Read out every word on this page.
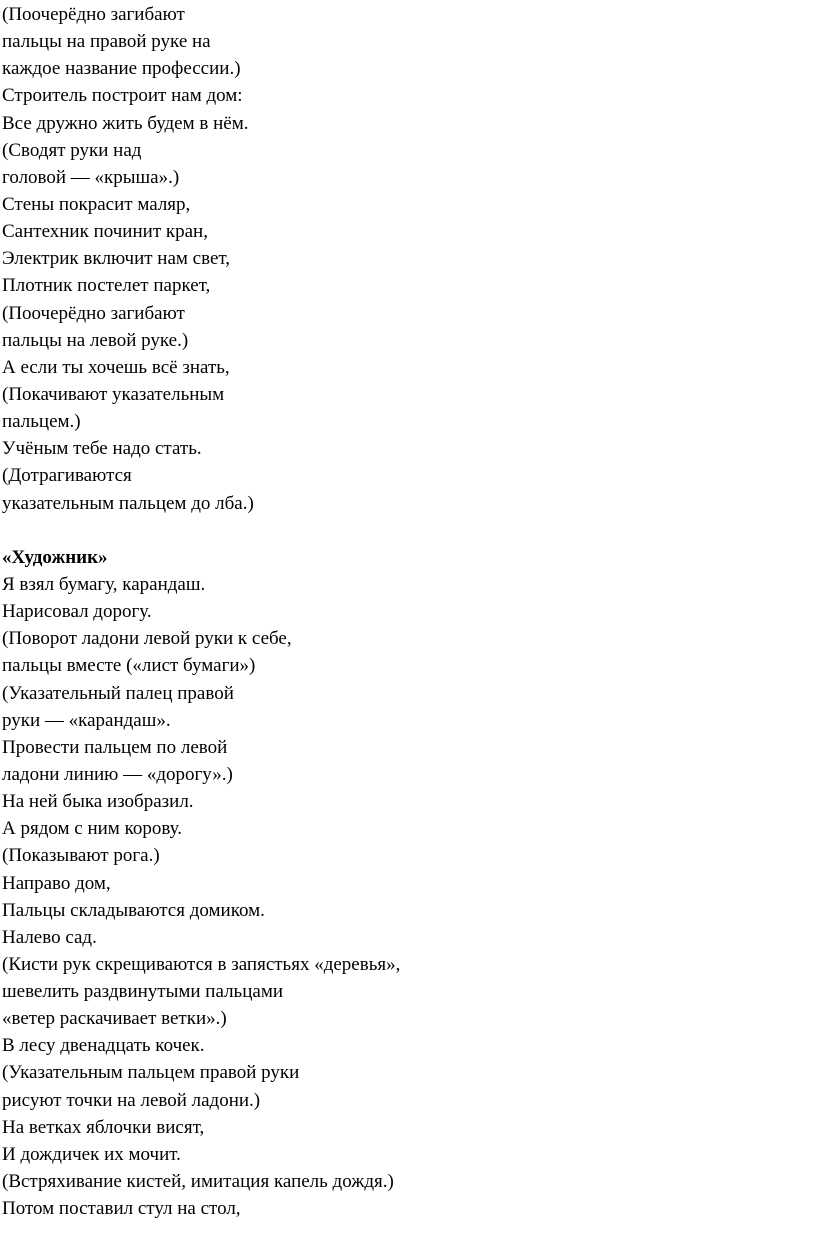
(Поочерёдно загибают
пальцы на правой руке на
каждое название профессии.)
Строитель построит нам дом:
Все дружно жить будем в нём.
(Сводят руки над
головой — «крыша».)
Стены покрасит маляр,
Сантехник починит кран,
Электрик включит нам свет,
Плотник постелет паркет,
(Поочерёдно загибают
пальцы на левой руке.)
А если ты хочешь всё знать,
(Покачивают указательным
пальцем.)
Учёным тебе надо стать.
(Дотрагиваются
указательным пальцем до лба.)
«Художник»
Я взял бумагу, карандаш.
Нарисовал дорогу.
(Поворот ладони левой руки к себе,
пальцы вместе («лист бумаги»)
(Указательный палец правой
руки — «карандаш».
Провести пальцем по левой
ладони линию — «дорогу».)
На ней быка изобразил.
А рядом с ним корову.
(Показывают рога.)
Направо дом,
Пальцы складываются домиком.
Налево сад.
(Кисти рук скрещиваются в запястьях «деревья»,
шевелить раздвинутыми пальцами
«ветер раскачивает ветки».)
В лесу двенадцать кочек.
(Указательным пальцем правой руки
рисуют точки на левой ладони.)
На ветках яблочки висят,
И дождичек их мочит.
(Встряхивание кистей, имитация капель дождя.)
Потом поставил стул на стол,
